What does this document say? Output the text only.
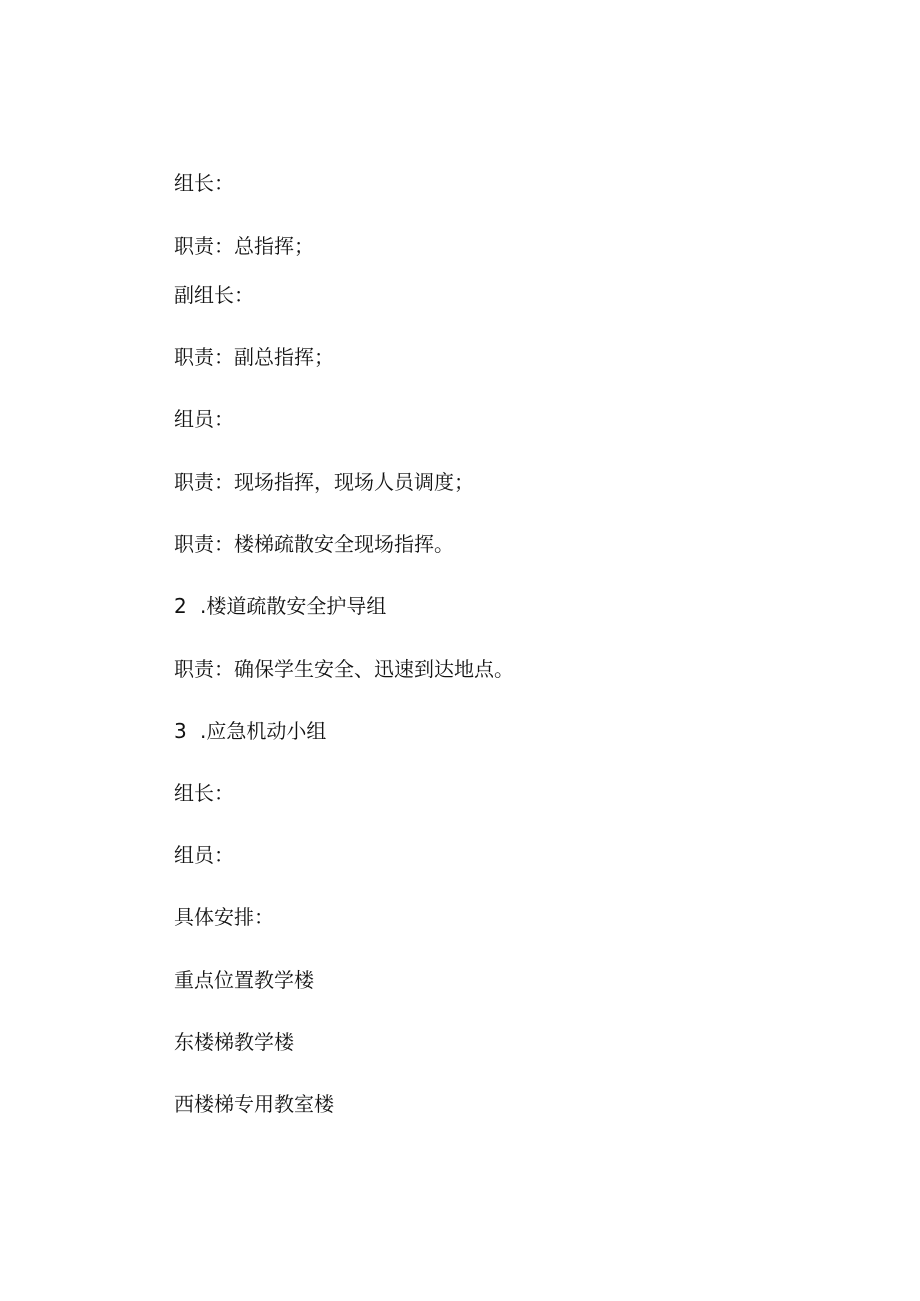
组长：
职责：总指挥；
副组长：
职责：副总指挥；
组员：
职责：现场指挥，现场人员调度；
职责：楼梯疏散安全现场指挥。
2 .楼道疏散安全护导组
职责：确保学生安全、迅速到达地点。
3 .应急机动小组
组长：
组员：
具体安排：
重点位置教学楼
东楼梯教学楼
西楼梯专用教室楼
